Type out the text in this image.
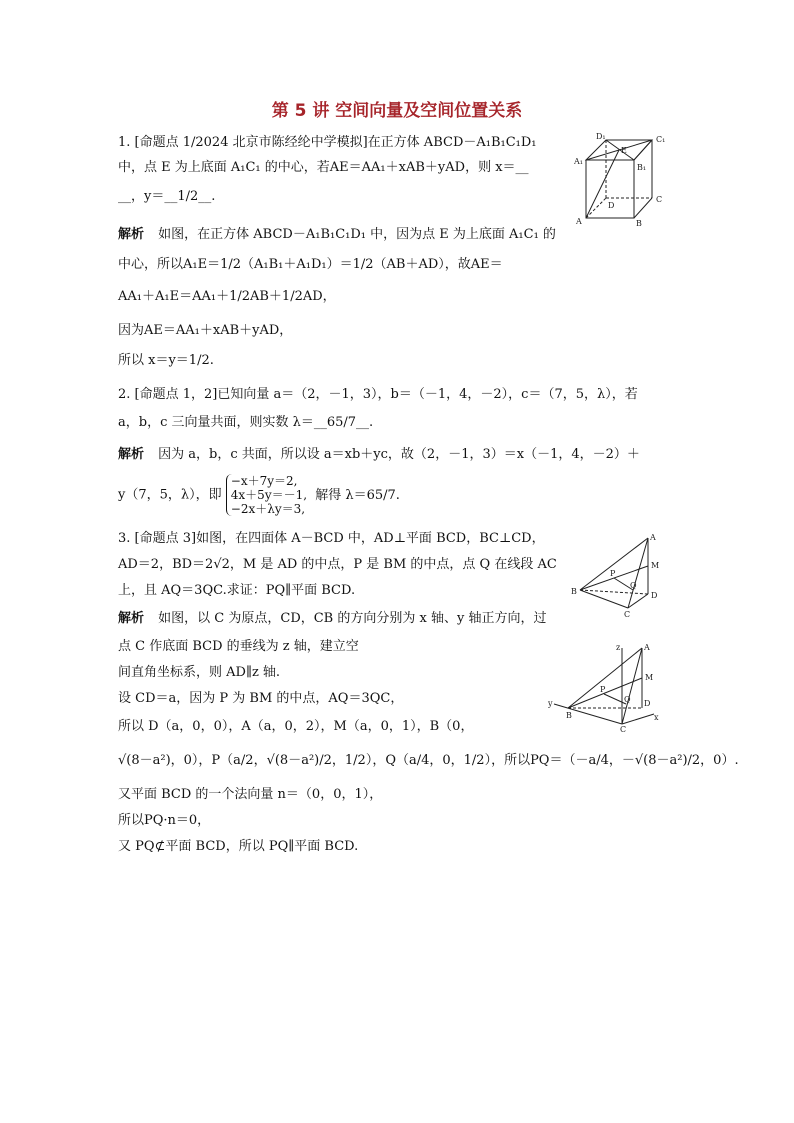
第 5 讲 空间向量及空间位置关系
1. [命题点 1/2024 北京市陈经纶中学模拟]在正方体 ABCD－A₁B₁C₁D₁
中，点 E 为上底面 A₁C₁ 的中心，若AE＝AA₁＋xAB＋yAD，则 x＝__
__，y＝__1/2__.
解析 如图，在正方体 ABCD－A₁B₁C₁D₁ 中，因为点 E 为上底面 A₁C₁ 的
中心，所以A₁E＝1/2（A₁B₁＋A₁D₁）＝1/2（AB＋AD），故AE＝
AA₁＋A₁E＝AA₁＋1/2AB＋1/2AD，
因为AE＝AA₁＋xAB＋yAD，
所以 x＝y＝1/2.
D₁	C₁
A₁
B₁
E
D
C
A	B
2. [命题点 1，2]已知向量 a＝（2，－1，3），b＝（－1，4，－2），c＝（7，5，λ），若
a，b，c 三向量共面，则实数 λ＝__65/7__.
解析 因为 a，b，c 共面，所以设 a＝xb＋yc，故（2，－1，3）＝x（－1，4，－2）＋
y（7，5，λ），即
−x＋7y＝2,
4x＋5y＝－1,
−2x＋λy＝3,
解得 λ＝65/7.
3. [命题点 3]如图，在四面体 A－BCD 中，AD⊥平面 BCD，BC⊥CD，
AD＝2，BD＝2√2，M 是 AD 的中点，P 是 BM 的中点，点 Q 在线段 AC
上，且 AQ＝3QC.求证：PQ∥平面 BCD.
解析 如图，以 C 为原点，CD，CB 的方向分别为 x 轴、y 轴正方向，过
点 C 作底面 BCD 的垂线为 z 轴，建立空
间直角坐标系，则 AD∥z 轴.
设 CD＝a，因为 P 为 BM 的中点，AQ＝3QC，
所以 D（a，0，0），A（a，0，2），M（a，0，1），B（0，
√(8－a²)，0），P（a/2，√(8－a²)/2，1/2），Q（a/4，0，1/2），所以PQ＝（－a/4，－√(8－a²)/2，0）.
又平面 BCD 的一个法向量 n＝（0，0，1），
所以PQ·n＝0，
又 PQ⊄平面 BCD，所以 PQ∥平面 BCD.
A
M
P
Q
B	D
C
z	A
M
P
Q
y
B
D
x
C
